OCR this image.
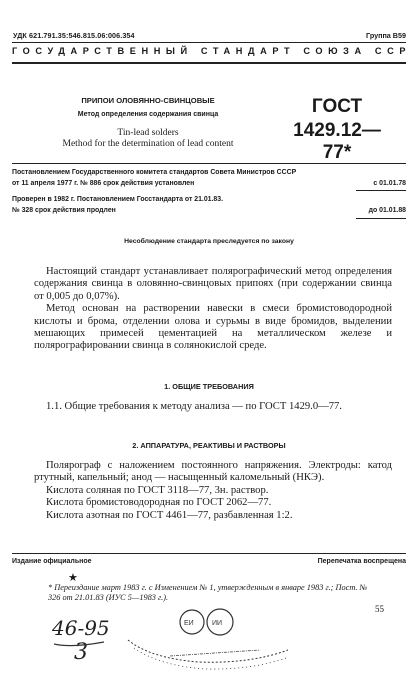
УДК 621.791.35:546.815.06:006.354	Группа В59
ГОСУДАРСТВЕННЫЙ СТАНДАРТ СОЮЗА ССР
ПРИПОИ ОЛОВЯННО-СВИНЦОВЫЕ
Метод определения содержания свинца
Tin-lead solders
Method for the determination of lead content
ГОСТ
1429.12—77*
Постановлением Государственного комитета стандартов Совета Министров СССР
от 11 апреля 1977 г. № 886 срок действия установлен	с 01.01.78
Проверен в 1982 г. Постановлением Госстандарта от 21.01.83.
№ 328 срок действия продлен	до 01.01.88
Несоблюдение стандарта преследуется по закону

Настоящий стандарт устанавливает полярографический метод определения содержания свинца в оловянно-свинцовых припоях (при содержании свинца от 0,005 до 0,07%).

Метод основан на растворении навески в смеси бромистоводородной кислоты и брома, отделении олова и сурьмы в виде бромидов, выделении мешающих примесей цементацией на металлическом железе и полярографировании свинца в солянокислой среде.

1. ОБЩИЕ ТРЕБОВАНИЯ

1.1. Общие требования к методу анализа — по ГОСТ 1429.0—77.

2. АППАРАТУРА, РЕАКТИВЫ И РАСТВОРЫ

Полярограф с наложением постоянного напряжения. Электроды: катод ртутный, капельный; анод — насыщенный каломельный (НКЭ).

Кислота соляная по ГОСТ 3118—77, 3н. раствор.

Кислота бромистоводородная по ГОСТ 2062—77.

Кислота азотная по ГОСТ 4461—77, разбавленная 1:2.

Издание официальное	Перепечатка воспрещена
★
* Переиздание март 1983 г. с Изменением № 1, утвержденным в январе 1983 г.; Пост. № 326 от 21.01.83 (ИУС 5—1983 г.).
55
46-95
3
ЕИ	ИИ
